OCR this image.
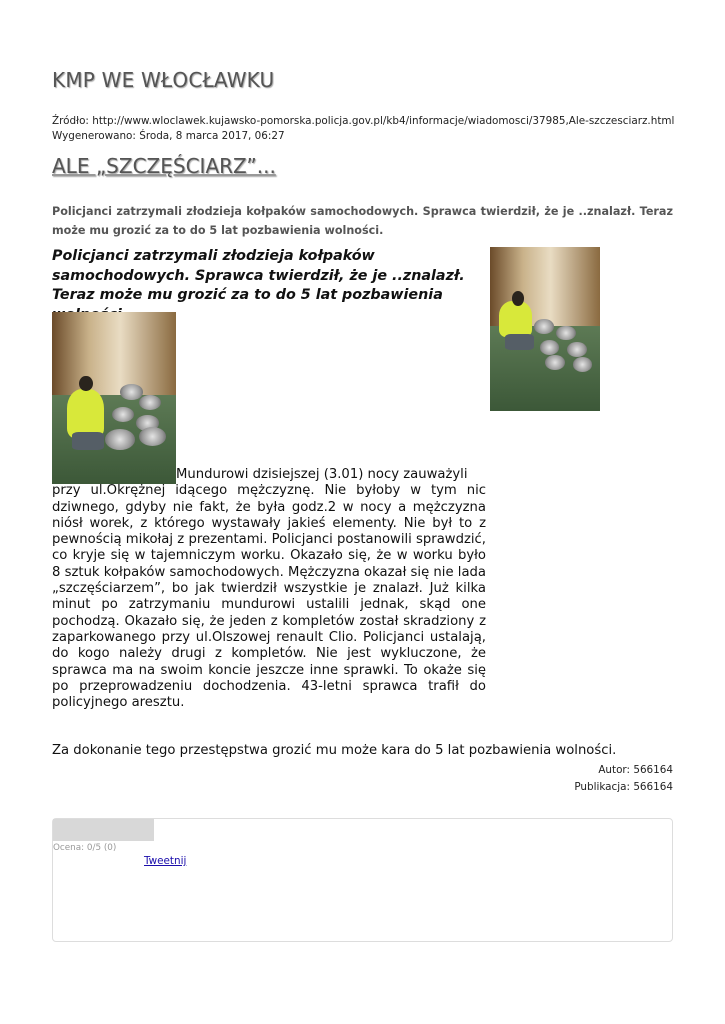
KMP WE WŁOCŁAWKU
Źródło: http://www.wloclawek.kujawsko-pomorska.policja.gov.pl/kb4/informacje/wiadomosci/37985,Ale-szczesciarz.html
Wygenerowano: Środa, 8 marca 2017, 06:27
ALE „SZCZĘŚCIARZ”...

Policjanci zatrzymali złodzieja kołpaków samochodowych. Sprawca twierdził, że je ..znalazł. Teraz może mu grozić za to do 5 lat pozbawienia wolności.

Policjanci zatrzymali złodzieja kołpaków samochodowych. Sprawca twierdził, że je ..znalazł. Teraz może mu grozić za to do 5 lat pozbawienia

Mundurowi dzisiejszej (3.01) nocy zauważyli
przy ul.Okrężnej idącego mężczyznę. Nie byłoby w tym nic dziwnego, gdyby nie fakt, że była godz.2 w nocy a mężczyzna niósł worek, z którego wystawały jakieś elementy. Nie był to z pewnością mikołaj z prezentami. Policjanci postanowili sprawdzić, co kryje się w tajemniczym worku. Okazało się, że w worku było 8 sztuk kołpaków samochodowych. Mężczyzna okazał się nie lada „szczęściarzem”, bo jak twierdził wszystkie je znalazł. Już kilka minut po zatrzymaniu mundurowi ustalili jednak, skąd one pochodzą. Okazało się, że jeden z kompletów został skradziony z zaparkowanego przy ul.Olszowej renault Clio. Policjanci ustalają, do kogo należy drugi z kompletów. Nie jest wykluczone, że sprawca ma na swoim koncie jeszcze inne sprawki. To okaże się po przeprowadzeniu dochodzenia. 43-letni sprawca trafił do policyjnego aresztu.
Za dokonanie tego przestępstwa grozić mu może kara do 5 lat pozbawienia wolności.
Autor: 566164
Publikacja: 566164
Ocena: 0/5 (0)
Tweetnij
